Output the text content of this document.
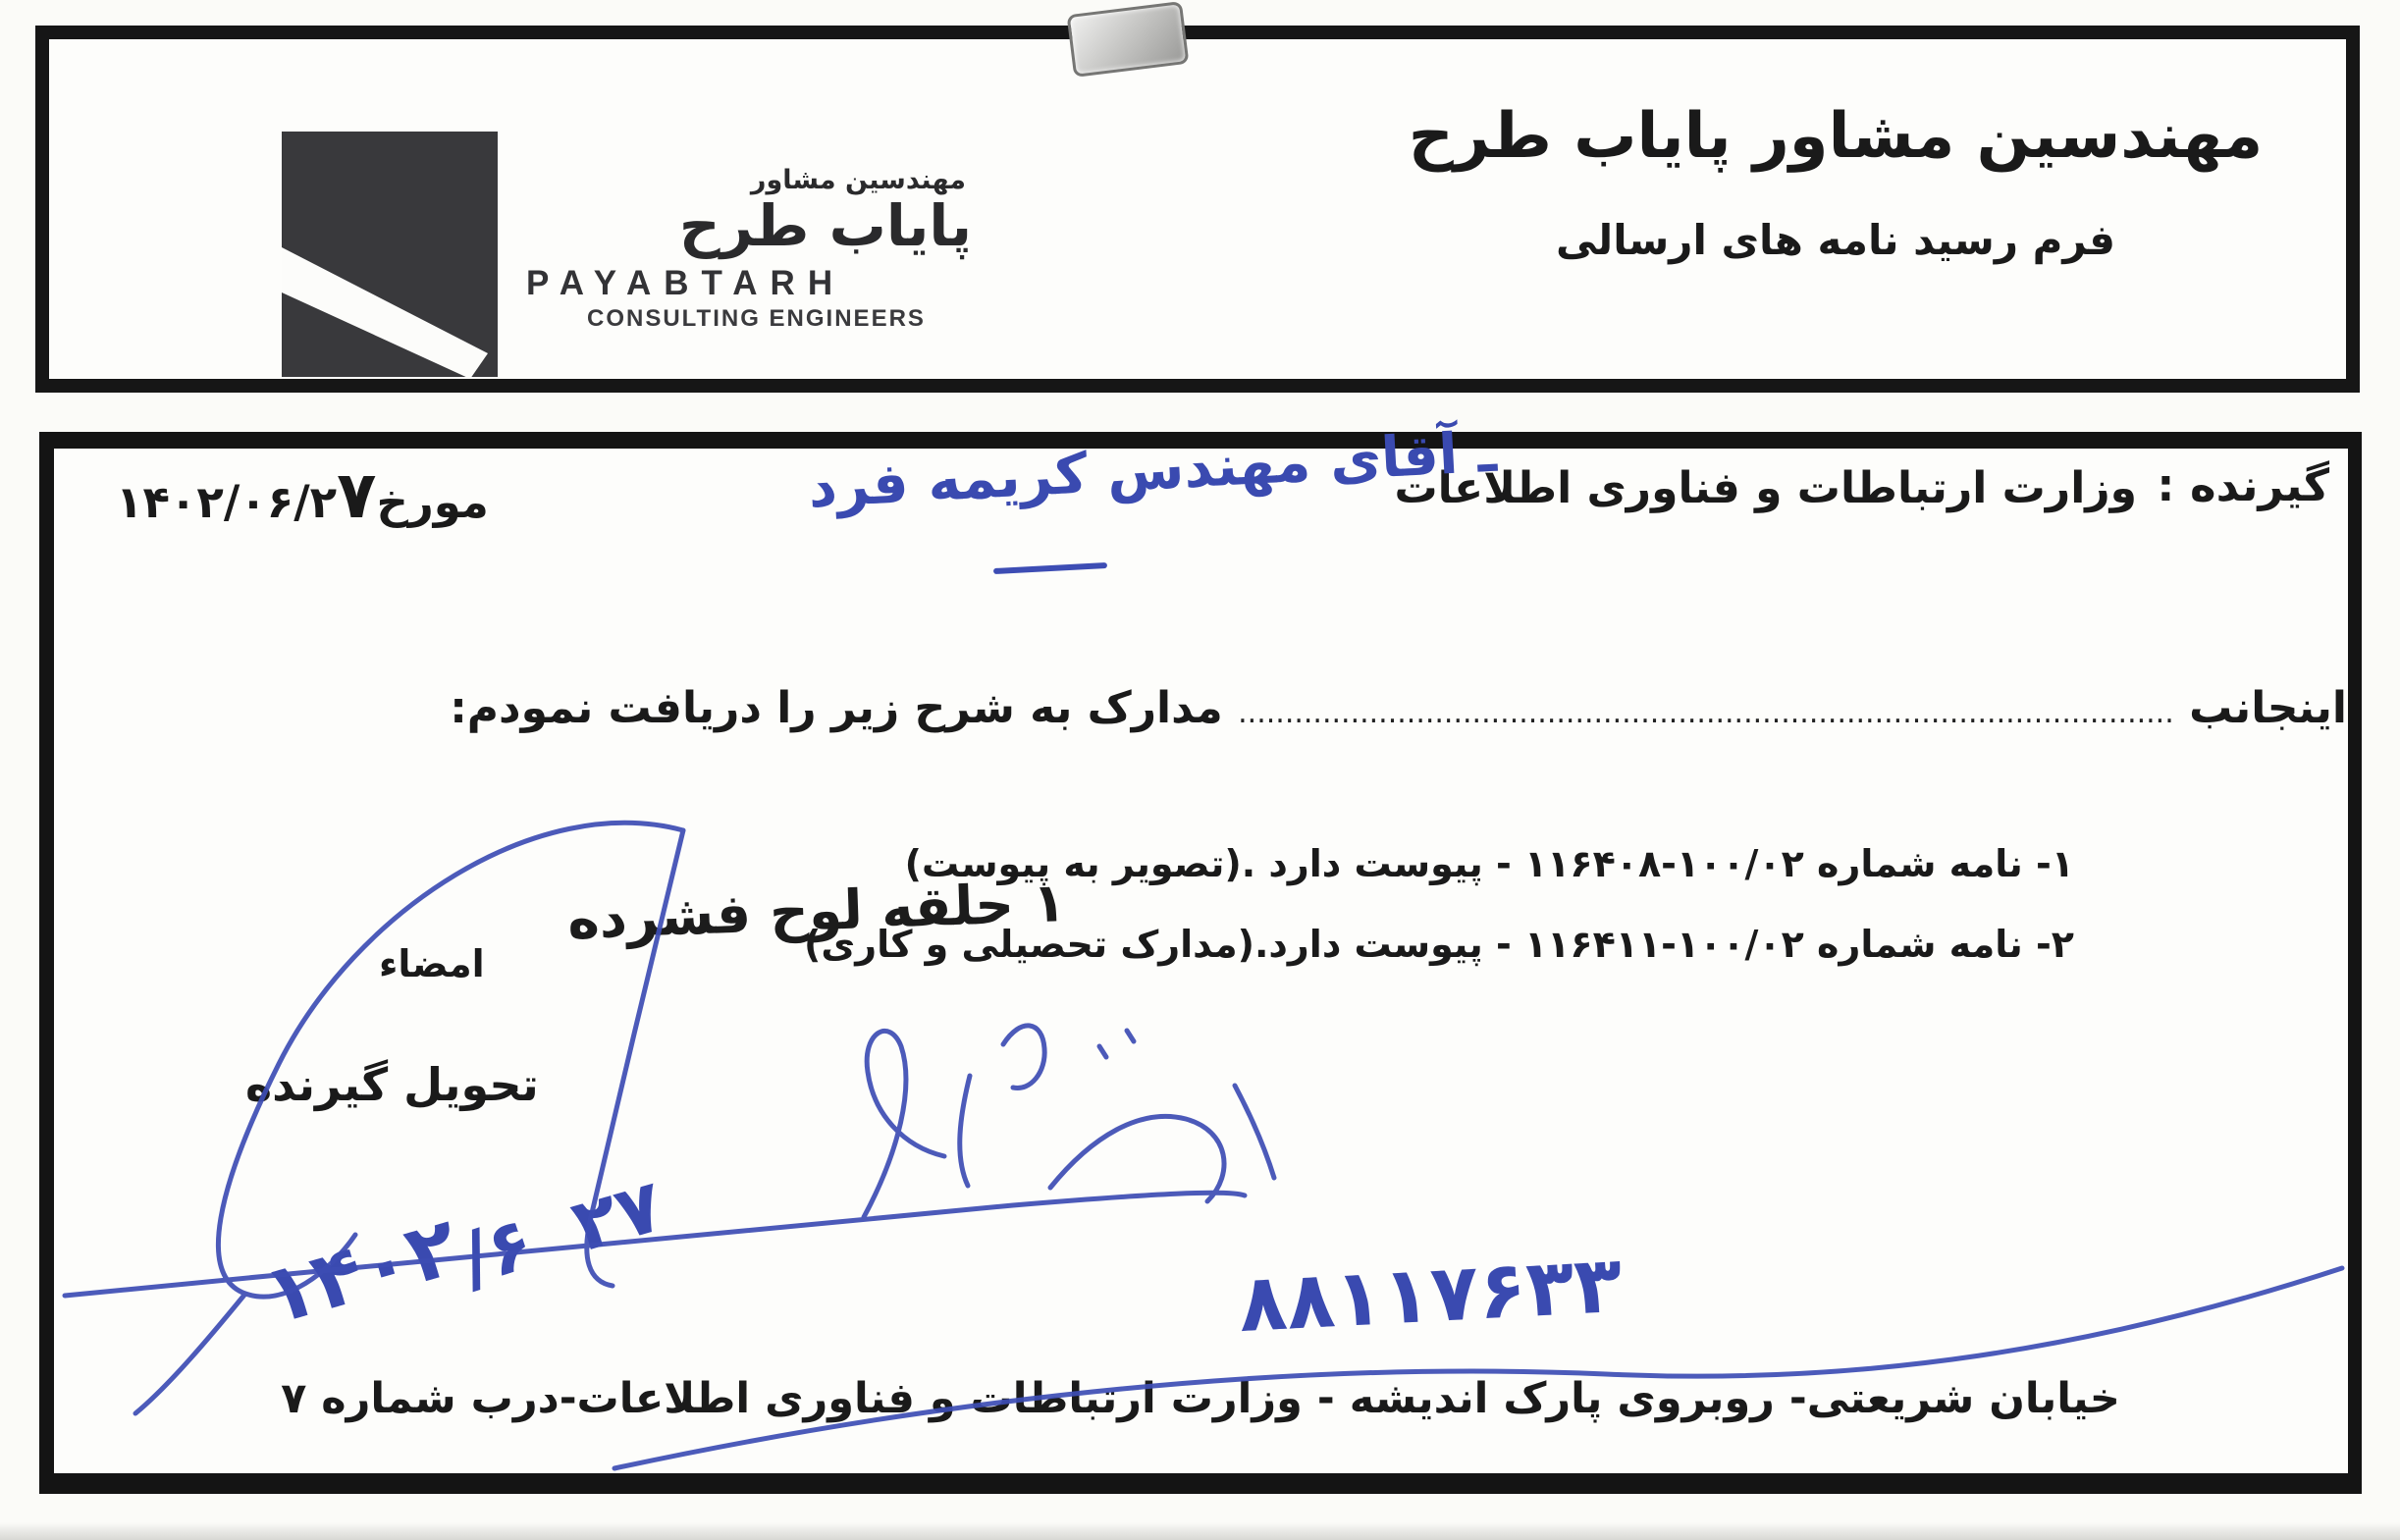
مهندسین مشاور
پایاب طرح
PAYABTARH
CONSULTING ENGINEERS
مهندسین مشاور پایاب طرح
فرم رسید نامه های ارسالی
گیرنده :
وزارت ارتباطات و فناوری اطلاعات
ـ آقای مهندس کریمه فرد
مورخ۱۴۰۲/۰۶/۲۷
اینجانب .................................................................................................... مدارک به شرح زیر را دریافت نمودم:
۱- نامه شماره ۱۰۰/۰۲-۱۱۶۴۰۸ - پیوست دارد .(تصویر به پیوست)
۲- نامه شماره ۱۰۰/۰۲-۱۱۶۴۱۱ - پیوست دارد.(مدارک تحصیلی و کاری)
۱ حلقه لوح فشرده
امضاء
تحویل گیرنده
۱۴۰۲
/۶ ۲۷
۸۸۱۱۷۶۳۳
خیابان شریعتی- روبروی پارک اندیشه - وزارت ارتباطات و فناوری اطلاعات-درب شماره ۷
